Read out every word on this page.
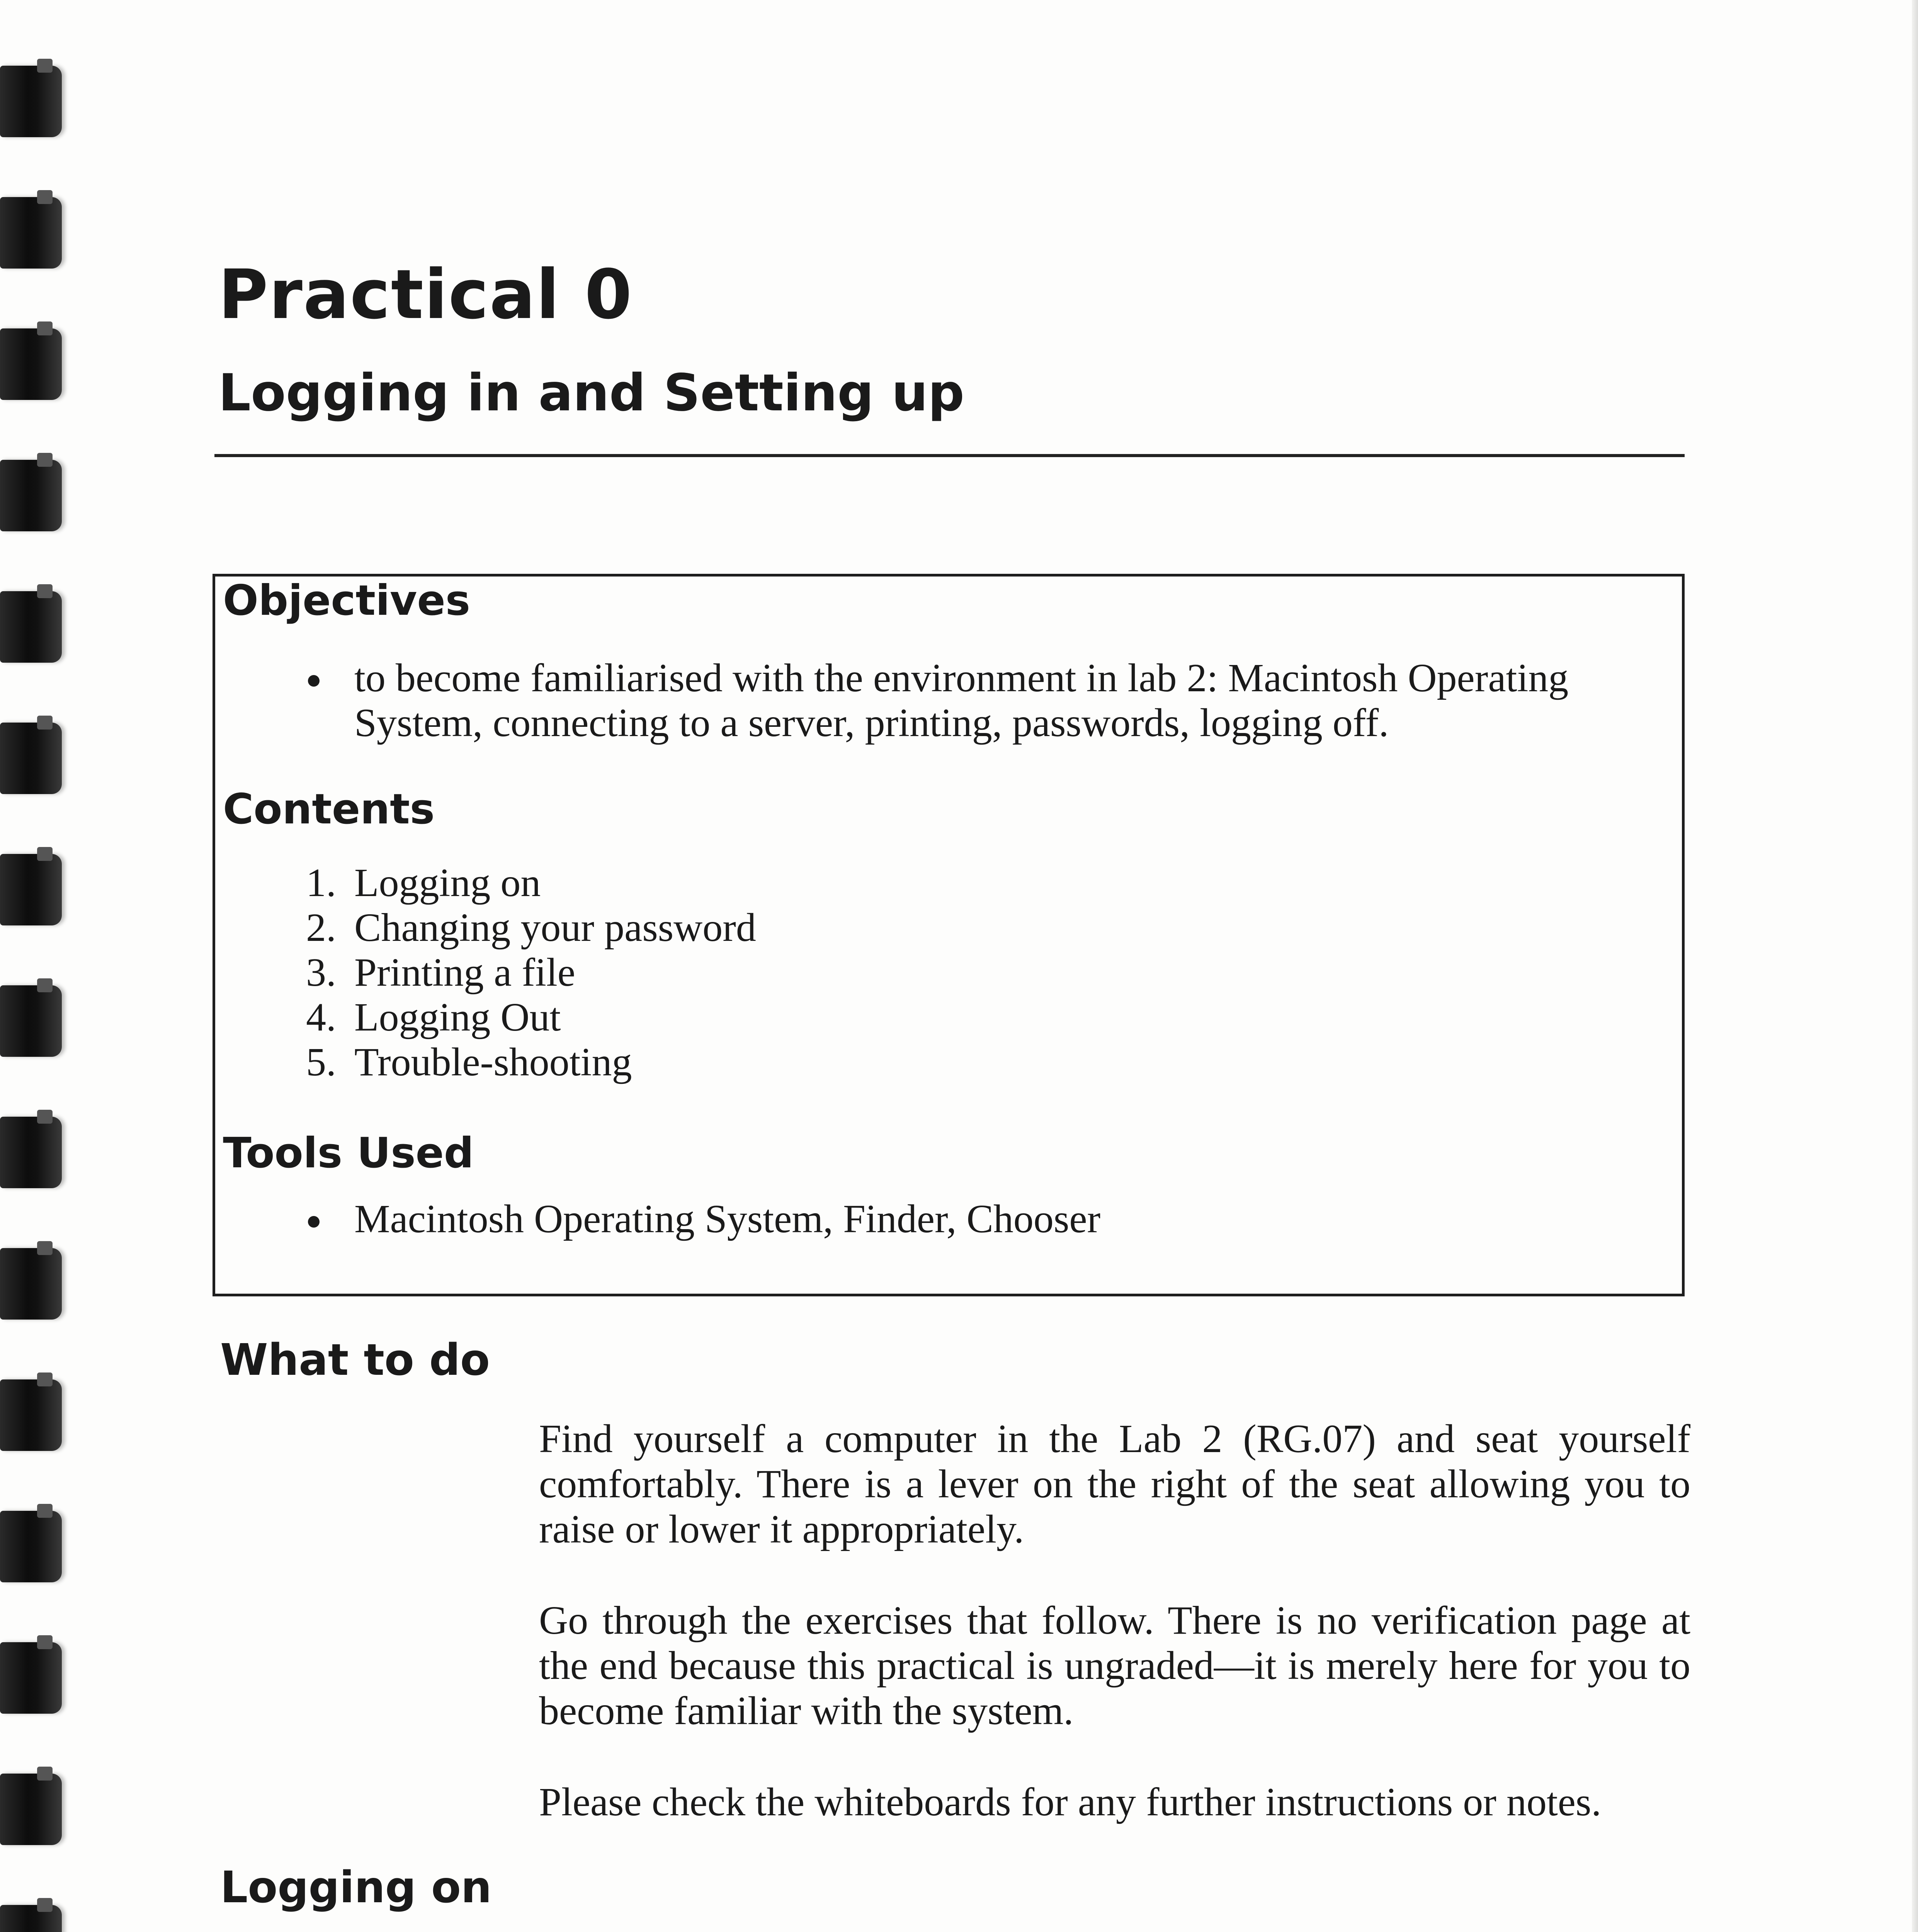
Practical 0
Logging in and Setting up
Objectives
to become familiarised with the environment in lab 2: Macintosh Operating System, connecting to a server, printing, passwords, logging off.
Contents
1. Logging on
2. Changing your password
3. Printing a file
4. Logging Out
5. Trouble-shooting
Tools Used
Macintosh Operating System, Finder, Chooser
What to do

Find yourself a computer in the Lab 2 (RG.07) and seat yourself comfortably. There is a lever on the right of the seat allowing you to raise or lower it appropriately.

Go through the exercises that follow. There is no verification page at the end because this practical is ungraded—it is merely here for you to become familiar with the system.

Please check the whiteboards for any further instructions or notes.

Logging on
